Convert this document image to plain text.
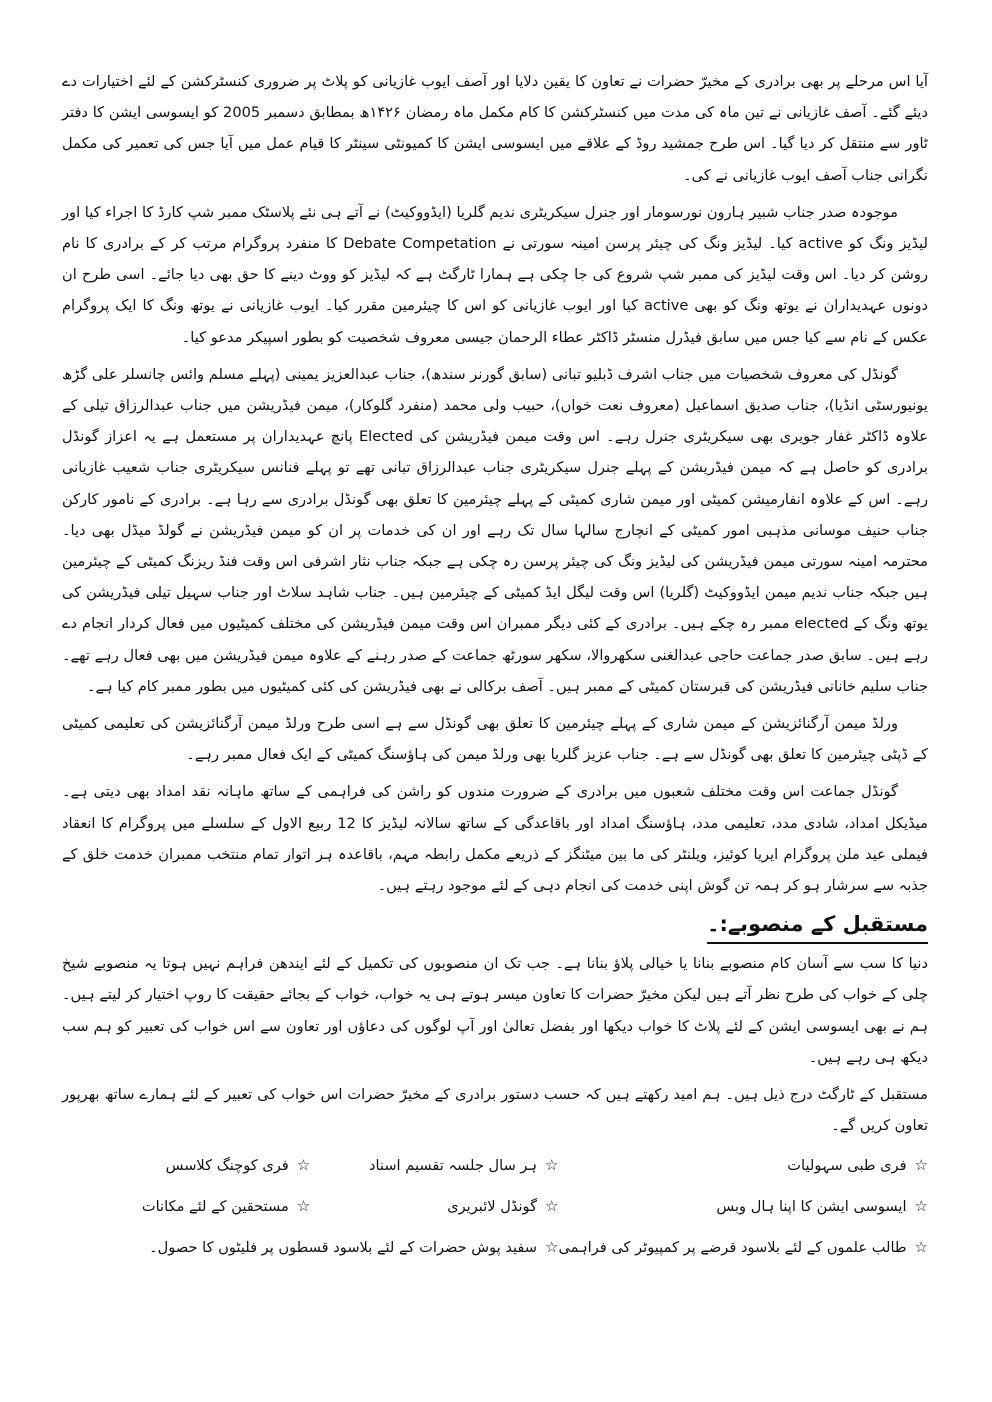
آیا اس مرحلے پر بھی برادری کے مخیرّ حضرات نے تعاون کا یقین دلایا اور آصف ایوب غازیانی کو پلاٹ پر ضروری کنسٹرکشن کے لئے اختیارات دے دیئے گئے۔ آصف غازیانی نے تین ماہ کی مدت میں کنسٹرکشن کا کام مکمل ماہ رمضان ۱۴۲۶ھ بمطابق دسمبر 2005 کو ایسوسی ایشن کا دفتر ٹاور سے منتقل کر دیا گیا۔ اس طرح جمشید روڈ کے علاقے میں ایسوسی ایشن کا کمیونٹی سینٹر کا قیام عمل میں آیا جس کی تعمیر کی مکمل نگرانی جناب آصف ایوب غازیانی نے کی۔

موجودہ صدر جناب شبیر ہارون نورسومار اور جنرل سیکریٹری ندیم گلریا (ایڈووکیٹ) نے آتے ہی نئے پلاسٹک ممبر شپ کارڈ کا اجراء کیا اور لیڈیز ونگ کو active کیا۔ لیڈیز ونگ کی چیئر پرسن امینہ سورتی نے Debate Competation کا منفرد پروگرام مرتب کر کے برادری کا نام روشن کر دیا۔ اس وقت لیڈیز کی ممبر شپ شروع کی جا چکی ہے ہمارا ٹارگٹ ہے کہ لیڈیز کو ووٹ دینے کا حق بھی دیا جائے۔ اسی طرح ان دونوں عہدیداران نے یوتھ ونگ کو بھی active کیا اور ایوب غازیانی کو اس کا چیئرمین مقرر کیا۔ ایوب غازیانی نے یوتھ ونگ کا ایک پروگرام عکس کے نام سے کیا جس میں سابق فیڈرل منسٹر ڈاکٹر عطاء الرحمان جیسی معروف شخصیت کو بطور اسپیکر مدعو کیا۔

گونڈل کی معروف شخصیات میں جناب اشرف ڈبلیو تبانی (سابق گورنر سندھ)، جناب عبدالعزیز یمینی (پہلے مسلم وائس چانسلر علی گڑھ یونیورسٹی انڈیا)، جناب صدیق اسماعیل (معروف نعت خواں)، حبیب ولی محمد (منفرد گلوکار)، میمن فیڈریشن میں جناب عبدالرزاق تیلی کے علاوہ ڈاکٹر غفار جویری بھی سیکریٹری جنرل رہے۔ اس وقت میمن فیڈریشن کی Elected پانچ عہدیداران پر مستعمل ہے یہ اعزاز گونڈل برادری کو حاصل ہے کہ میمن فیڈریشن کے پہلے جنرل سیکریٹری جناب عبدالرزاق تبانی تھے تو پہلے فنانس سیکریٹری جناب شعیب غازیانی رہے۔ اس کے علاوہ انفارمیشن کمیٹی اور میمن شاری کمیٹی کے پہلے چیئرمین کا تعلق بھی گونڈل برادری سے رہا ہے۔ برادری کے نامور کارکن جناب حنیف موسانی مذہبی امور کمیٹی کے انچارج سالہا سال تک رہے اور ان کی خدمات پر ان کو میمن فیڈریشن نے گولڈ میڈل بھی دیا۔ محترمہ امینہ سورتی میمن فیڈریشن کی لیڈیز ونگ کی چیئر پرسن رہ چکی ہے جبکہ جناب نثار اشرفی اس وقت فنڈ ریزنگ کمیٹی کے چیئرمین ہیں جبکہ جناب ندیم میمن ایڈووکیٹ (گلریا) اس وقت لیگل ایڈ کمیٹی کے چیئرمین ہیں۔ جناب شاہد سلاٹ اور جناب سہیل تیلی فیڈریشن کی یوتھ ونگ کے elected ممبر رہ چکے ہیں۔ برادری کے کئی دیگر ممبران اس وقت میمن فیڈریشن کی مختلف کمیٹیوں میں فعال کردار انجام دے رہے ہیں۔ سابق صدر جماعت حاجی عبدالغنی سکھروالا، سکھر سورٹھ جماعت کے صدر رہنے کے علاوہ میمن فیڈریشن میں بھی فعال رہے تھے۔ جناب سلیم خانانی فیڈریشن کی قبرستان کمیٹی کے ممبر ہیں۔ آصف برکالی نے بھی فیڈریشن کی کئی کمیٹیوں میں بطور ممبر کام کیا ہے۔

ورلڈ میمن آرگنائزیشن کے میمن شاری کے پہلے چیئرمین کا تعلق بھی گونڈل سے ہے اسی طرح ورلڈ میمن آرگنائزیشن کی تعلیمی کمیٹی کے ڈپٹی چیئرمین کا تعلق بھی گونڈل سے ہے۔ جناب عزیز گلریا بھی ورلڈ میمن کی ہاؤسنگ کمیٹی کے ایک فعال ممبر رہے۔

گونڈل جماعت اس وقت مختلف شعبوں میں برادری کے ضرورت مندوں کو راشن کی فراہمی کے ساتھ ماہانہ نقد امداد بھی دیتی ہے۔ میڈیکل امداد، شادی مدد، تعلیمی مدد، ہاؤسنگ امداد اور باقاعدگی کے ساتھ سالانہ لیڈیز کا 12 ربیع الاول کے سلسلے میں پروگرام کا انعقاد فیملی عید ملن پروگرام ایریا کوئیز، ویلنٹر کی ما بین میٹنگز کے ذریعے مکمل رابطہ مہم، باقاعدہ ہر اتوار تمام منتخب ممبران خدمت خلق کے جذبہ سے سرشار ہو کر ہمہ تن گوش اپنی خدمت کی انجام دہی کے لئے موجود رہتے ہیں۔

مستقبل کے منصوبے:۔

دنیا کا سب سے آسان کام منصوبے بنانا یا خیالی پلاؤ بنانا ہے۔ جب تک ان منصوبوں کی تکمیل کے لئے ایندھن فراہم نہیں ہوتا یہ منصوبے شیخ چلی کے خواب کی طرح نظر آتے ہیں لیکن مخیرّ حضرات کا تعاون میسر ہوتے ہی یہ خواب، خواب کے بجائے حقیقت کا روپ اختیار کر لیتے ہیں۔ ہم نے بھی ایسوسی ایشن کے لئے پلاٹ کا خواب دیکھا اور بفضل تعالیٰ اور آپ لوگوں کی دعاؤں اور تعاون سے اس خواب کی تعبیر کو ہم سب دیکھ ہی رہے ہیں۔

مستقبل کے ٹارگٹ درج ذیل ہیں۔ ہم امید رکھتے ہیں کہ حسب دستور برادری کے مخیرّ حضرات اس خواب کی تعبیر کے لئے ہمارے ساتھ بھرپور تعاون کریں گے۔

☆فری طبی سہولیات
☆ہر سال جلسہ تقسیم اسناد
☆فری کوچنگ کلاسس
☆ایسوسی ایشن کا اپنا ہال وبس
☆گونڈل لائبریری
☆مستحقین کے لئے مکانات
☆طالب علموں کے لئے بلاسود قرضے پر کمپیوٹر کی فراہمی
☆سفید پوش حضرات کے لئے بلاسود قسطوں پر فلیٹوں کا حصول۔
